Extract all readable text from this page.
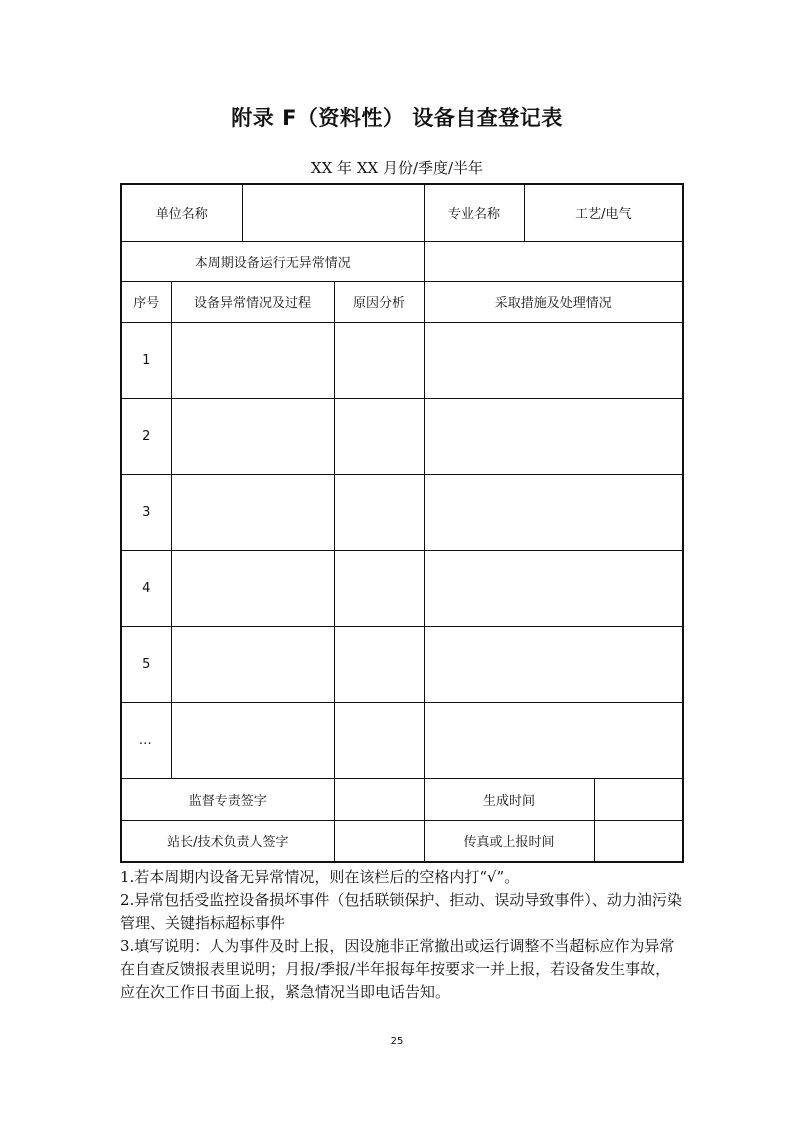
附录 F（资料性） 设备自查登记表
XX 年 XX 月份/季度/半年
单位名称				专业名称	工艺/电气	
本周期设备运行无异常情况						
序号	设备异常情况及过程		原因分析	采取措施及处理情况		
1						
2						
3						
4						
5						
…						
监督专责签字				生成时间		
站长/技术负责人签字				传真或上报时间		

1.若本周期内设备无异常情况，则在该栏后的空格内打“√”。

2.异常包括受监控设备损坏事件（包括联锁保护、拒动、误动导致事件）、动力油污染管理、关键指标超标事件

3.填写说明：人为事件及时上报，因设施非正常撤出或运行调整不当超标应作为异常在自查反馈报表里说明；月报/季报/半年报每年按要求一并上报，若设备发生事故，应在次工作日书面上报，紧急情况当即电话告知。

25
